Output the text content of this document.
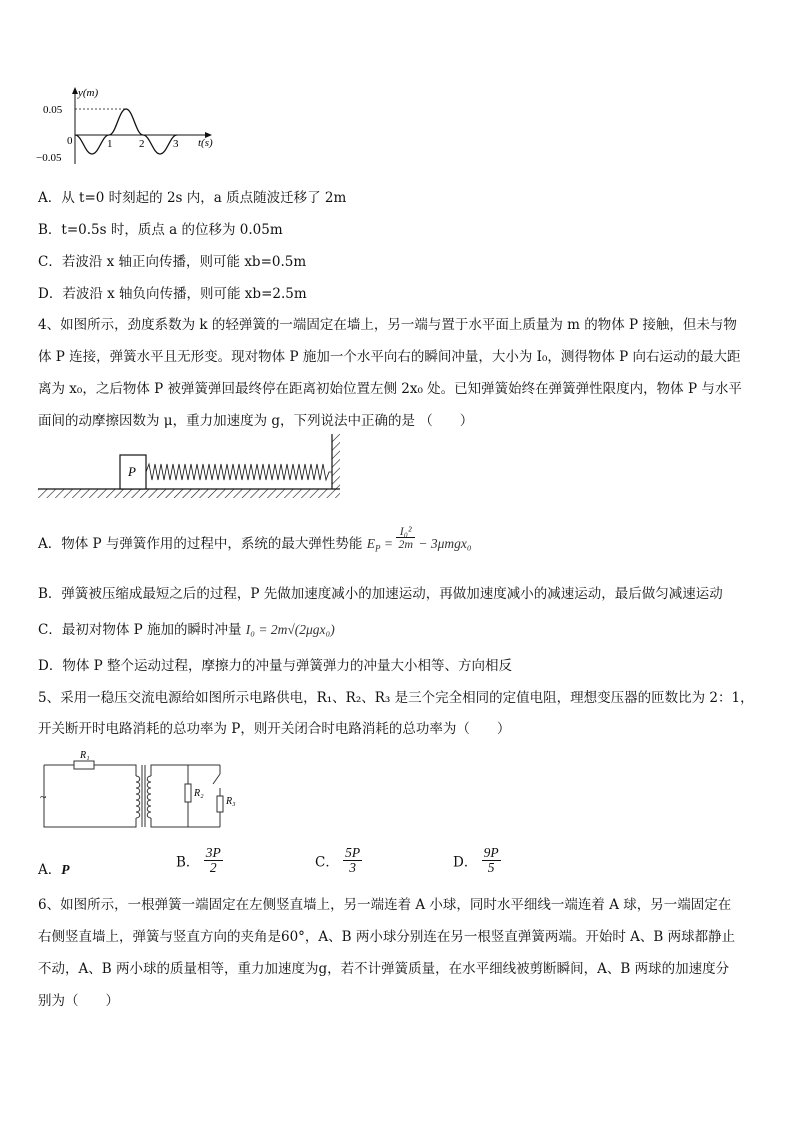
y(m)
t(s)
0.05
−0.05
0	1 2	3
A．从 t=0 时刻起的 2s 内，a 质点随波迁移了 2m
B．t=0.5s 时，质点 a 的位移为 0.05m
C．若波沿 x 轴正向传播，则可能 xb=0.5m
D．若波沿 x 轴负向传播，则可能 xb=2.5m
4、如图所示，劲度系数为 k 的轻弹簧的一端固定在墙上，另一端与置于水平面上质量为 m 的物体 P 接触，但未与物
体 P 连接，弹簧水平且无形变。现对物体 P 施加一个水平向右的瞬间冲量，大小为 I₀，测得物体 P 向右运动的最大距
离为 x₀，之后物体 P 被弹簧弹回最终停在距离初始位置左侧 2x₀ 处。已知弹簧始终在弹簧弹性限度内，物体 P 与水平
面间的动摩擦因数为 μ，重力加速度为 g，下列说法中正确的是 （　　）
P
A．物体 P 与弹簧作用的过程中，系统的最大弹性势能 $E_P = \frac{\text{I₀²}}{2m} - 3\mu mgx_0$
B．弹簧被压缩成最短之后的过程，P 先做加速度减小的加速运动，再做加速度减小的减速运动，最后做匀减速运动
C．最初对物体 P 施加的瞬时冲量 I₀ = 2m√(2μgx₀)
D．物体 P 整个运动过程，摩擦力的冲量与弹簧弹力的冲量大小相等、方向相反
5、采用一稳压交流电源给如图所示电路供电，R₁、R₂、R₃ 是三个完全相同的定值电阻，理想变压器的匝数比为 2：1，
开关断开时电路消耗的总功率为 P，则开关闭合时电路消耗的总功率为（　　）
~
R₁
R₂
R₃
A．P	B． $\frac{3P}{2}$	C． $\frac{5P}{3}$	D． $\frac{9P}{5}$
6、如图所示，一根弹簧一端固定在左侧竖直墙上，另一端连着 A 小球，同时水平细线一端连着 A 球，另一端固定在
右侧竖直墙上，弹簧与竖直方向的夹角是60°，A、B 两小球分别连在另一根竖直弹簧两端。开始时 A、B 两球都静止
不动，A、B 两小球的质量相等，重力加速度为g，若不计弹簧质量，在水平细线被剪断瞬间，A、B 两球的加速度分
别为（　　）
